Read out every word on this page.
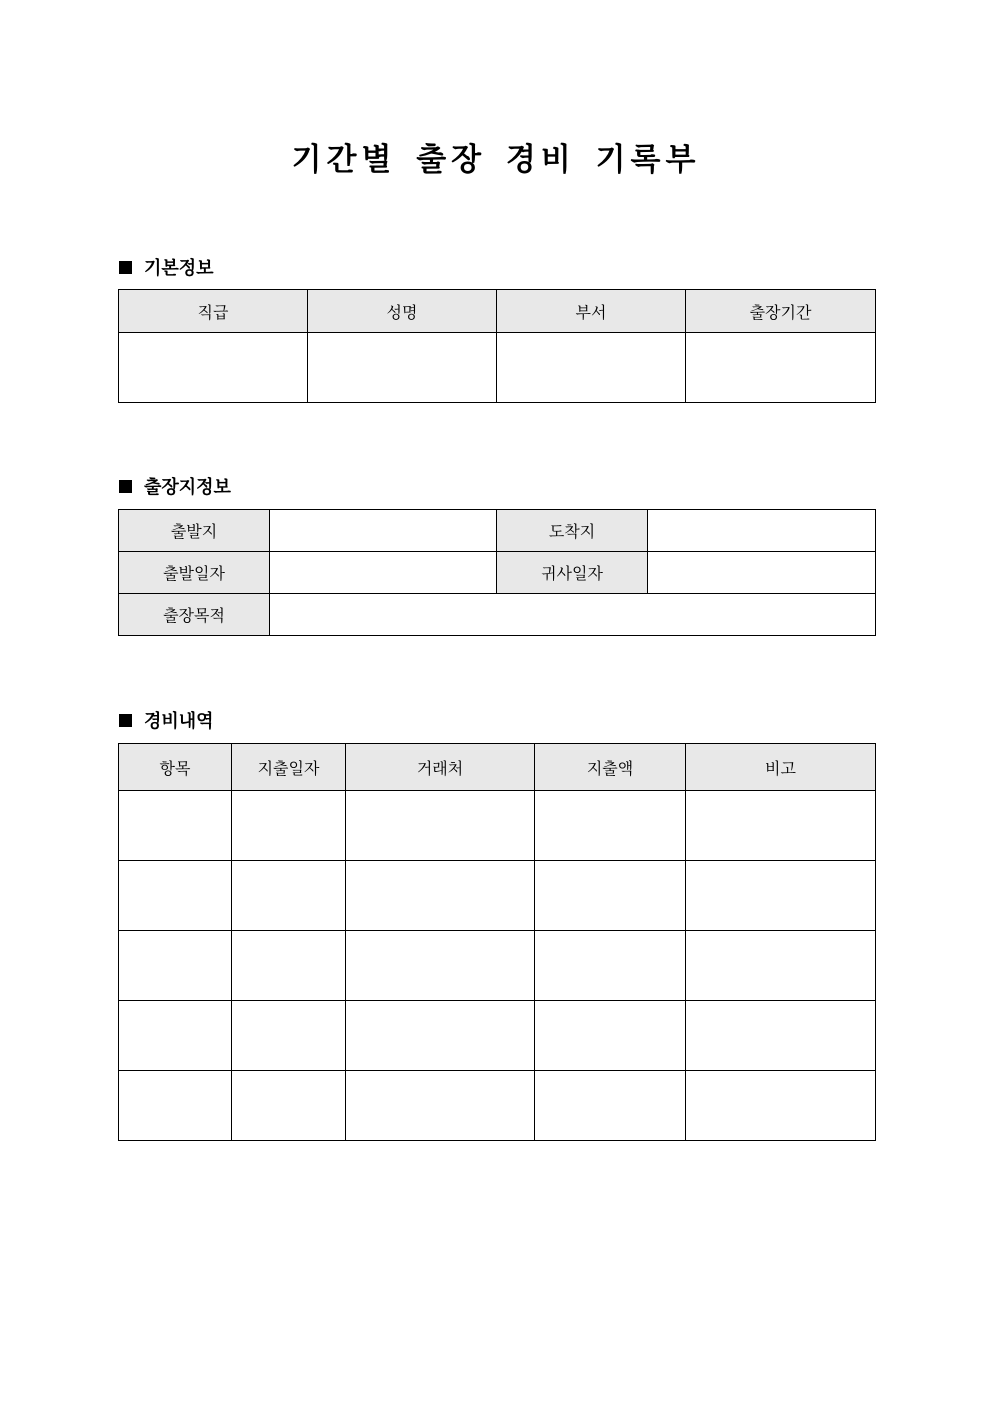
기간별 출장 경비 기록부
기본정보
직급	성명	부서	출장기간

출장지정보
출발지		도착지	
출발일자		귀사일자	
출장목적			
경비내역
항목	지출일자	거래처	지출액	비고
